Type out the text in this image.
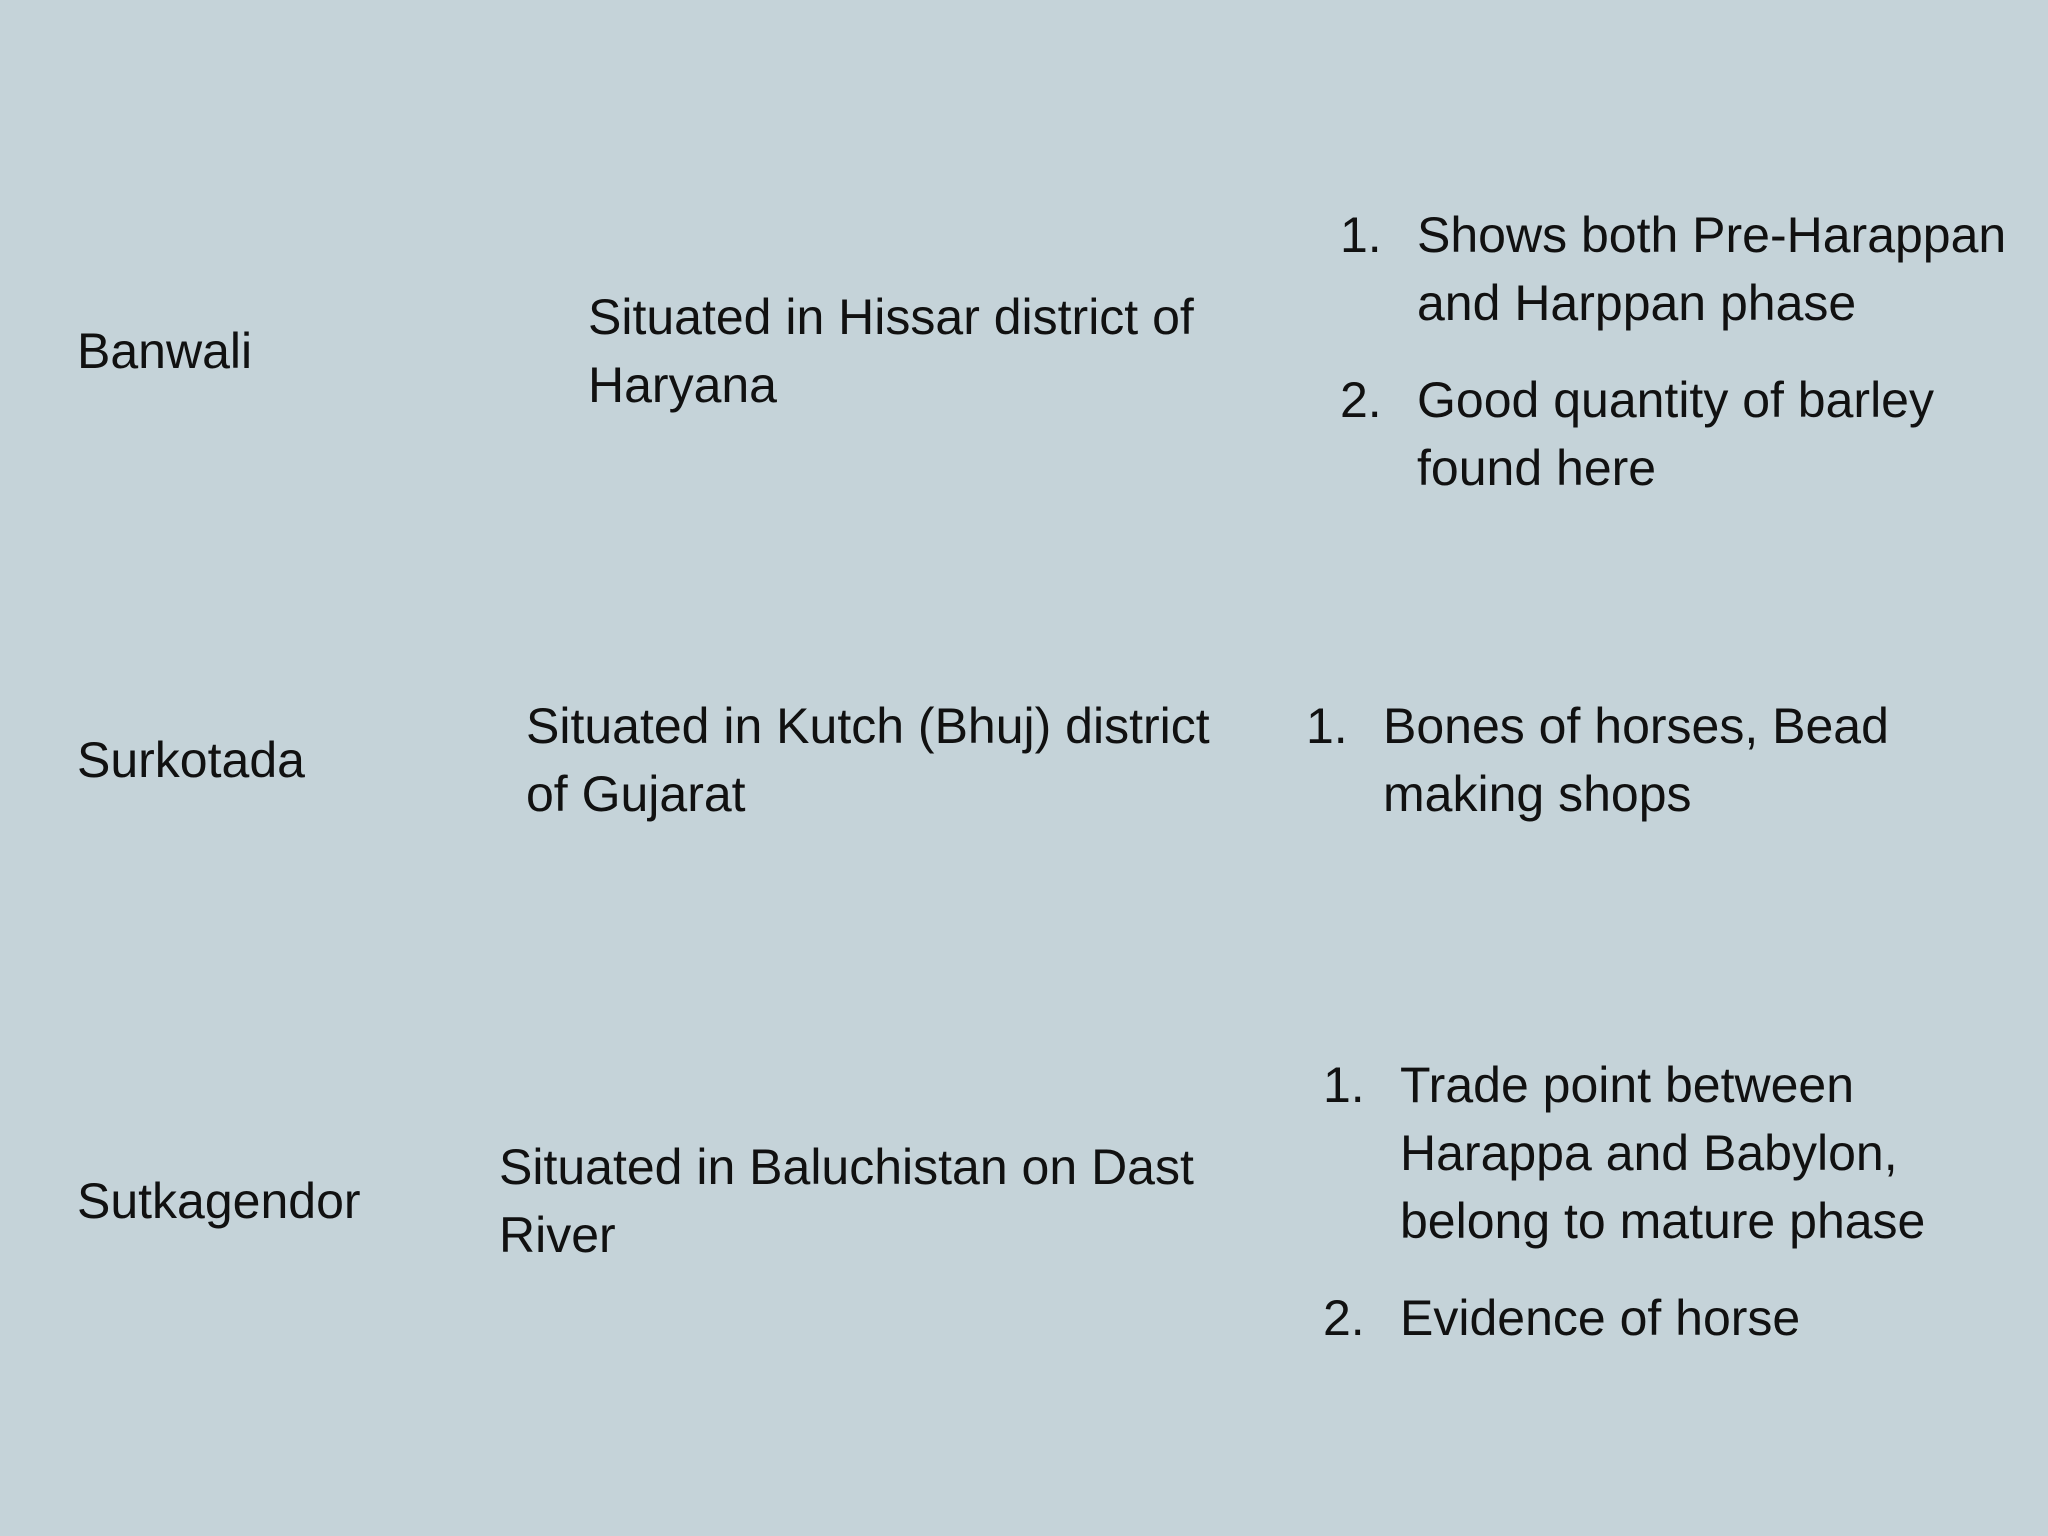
Banwali
Situated in Hissar district of Haryana
1. Shows both Pre-Harappan and Harppan phase
2. Good quantity of barley found here
Surkotada
Situated in Kutch (Bhuj) district of Gujarat
1. Bones of horses, Bead making shops
Sutkagendor
Situated in Baluchistan on Dast River
1. Trade point between Harappa and Babylon, belong to mature phase
2. Evidence of horse
